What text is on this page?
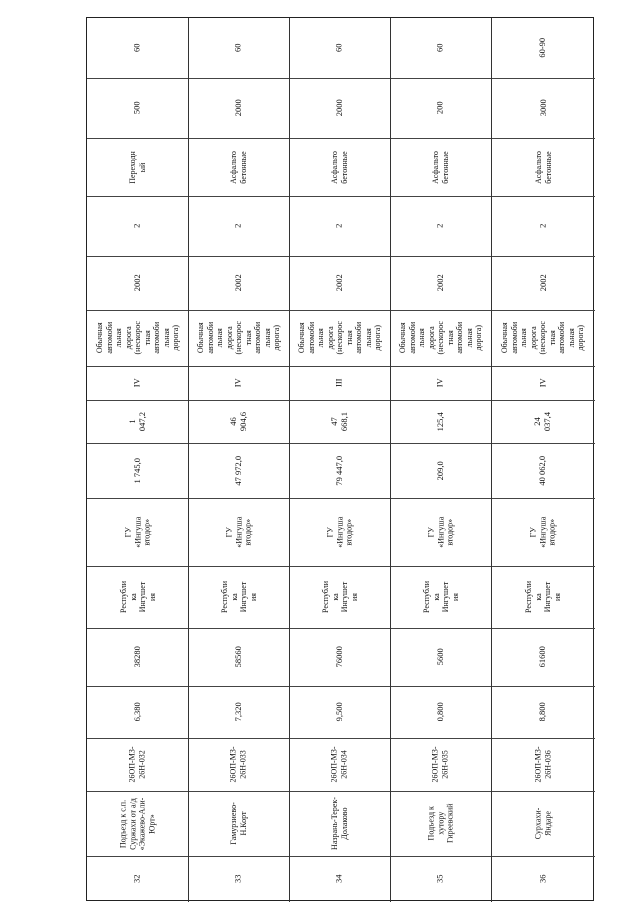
60
500
Переходн
ый
2
2002
Обычная
автомоби
льная
дорога
(нескорос
тная
автомоби
льная
дорога)
IV
1
047,2
1 745,0
ГУ
«Ингуша
втодор»
Республи
ка
Ингушет
ия
38280
6,380
26ОП-МЗ-
26Н-032
Подъезд к с.п.
Суржахи от а/д
«Экажево-Али-
Юрт»
32
60
2000
Асфальто
бетонные
2
2002
Обычная
автомоби
льная
дорога
(нескорос
тная
автомоби
льная
дорога)
IV
46
904,6
47 972,0
ГУ
«Ингуша
втодор»
Республи
ка
Ингушет
ия
58560
7,320
26ОП-МЗ-
26Н-033
Гамурзиево-
Н.Корт
33
60
2000
Асфальто
бетонные
2
2002
Обычная
автомоби
льная
дорога
(нескорос
тная
автомоби
льная
дорога)
III
47
668,1
79 447,0
ГУ
«Ингуша
втодор»
Республи
ка
Ингушет
ия
76000
9,500
26ОП-МЗ-
26Н-034
Назрань-Терек-
Долаково
34
60
200
Асфальто
бетонные
2
2002
Обычная
автомоби
льная
дорога
(нескорос
тная
автомоби
льная
дорога)
IV
125,4
209,0
ГУ
«Ингуша
втодор»
Республи
ка
Ингушет
ия
5600
0,800
26ОП-МЗ-
26Н-035
Подъезд к
хутору
Гиреевский
35
60-90
3000
Асфальто
бетонные
2
2002
Обычная
автомоби
льная
дорога
(нескорос
тная
автомоби
льная
дорога)
IV
24
037,4
40 062,0
ГУ
«Ингуша
втодор»
Республи
ка
Ингушет
ия
61600
8,800
26ОП-МЗ-
26Н-036
Сурхахи-
Яндаре
36
